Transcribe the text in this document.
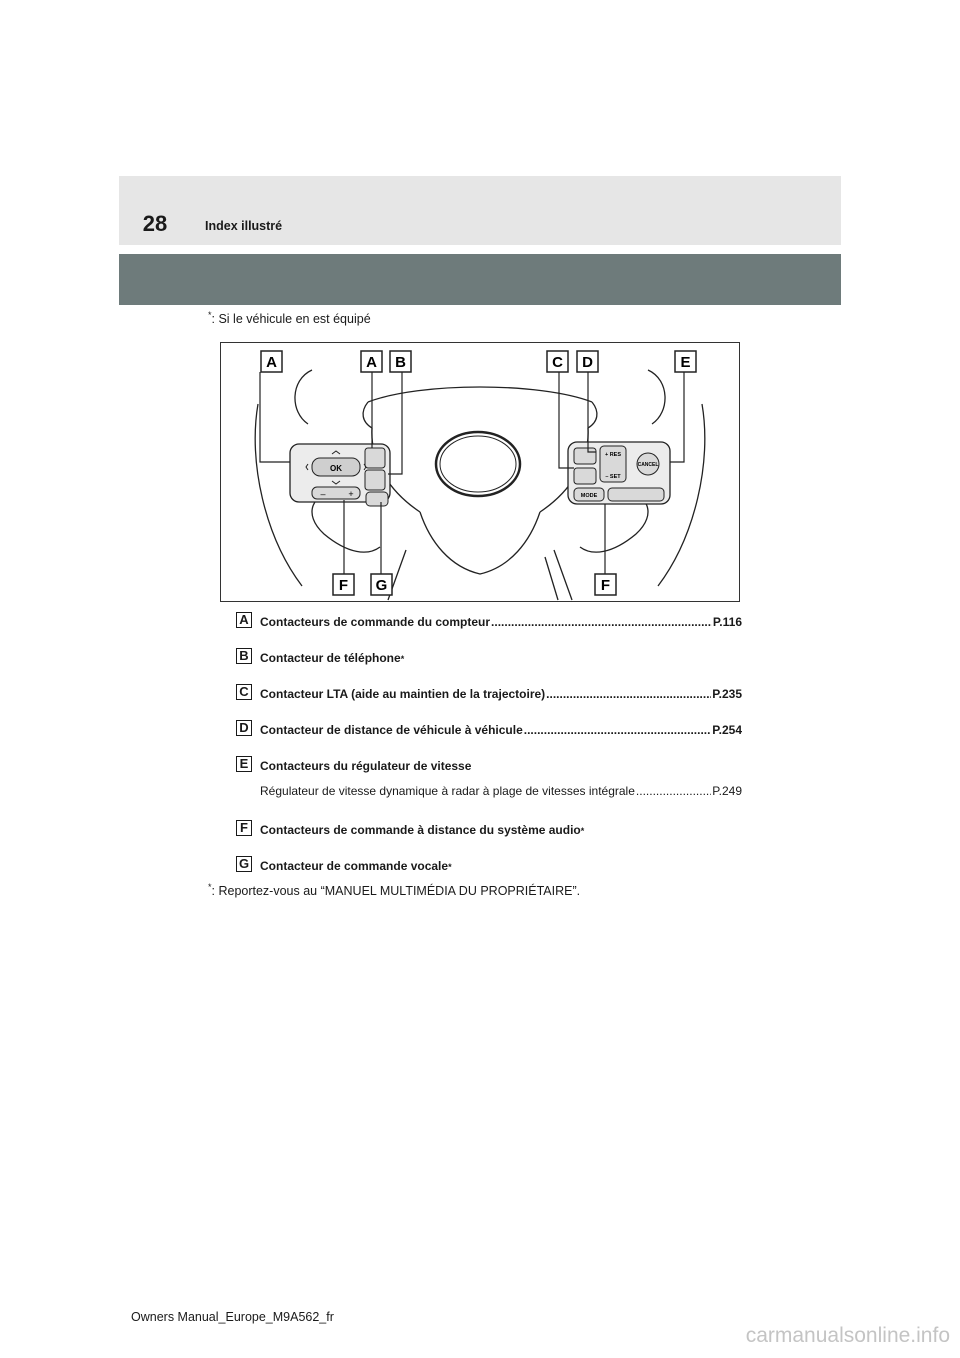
28	Index illustré
*: Si le véhicule en est équipé
OK
–	+
+ RES
– SET
CANCEL
MODE
A	A B	C D	E
F G	F
A Contacteurs de commande du compteur .....	P.116
B Contacteur de téléphone *
C Contacteur LTA (aide au maintien de la trajectoire) .....	P.235
D Contacteur de distance de véhicule à véhicule .....	P.254
E Contacteurs du régulateur de vitesse
Régulateur de vitesse dynamique à radar à plage de vitesses intégrale .....	P.249
F	Contacteurs de commande à distance du système audio *
G Contacteur de commande vocale *
*: Reportez-vous au “MANUEL MULTIMÉDIA DU PROPRIÉTAIRE”.
Owners Manual_Europe_M9A562_fr
carmanualsonline.info
